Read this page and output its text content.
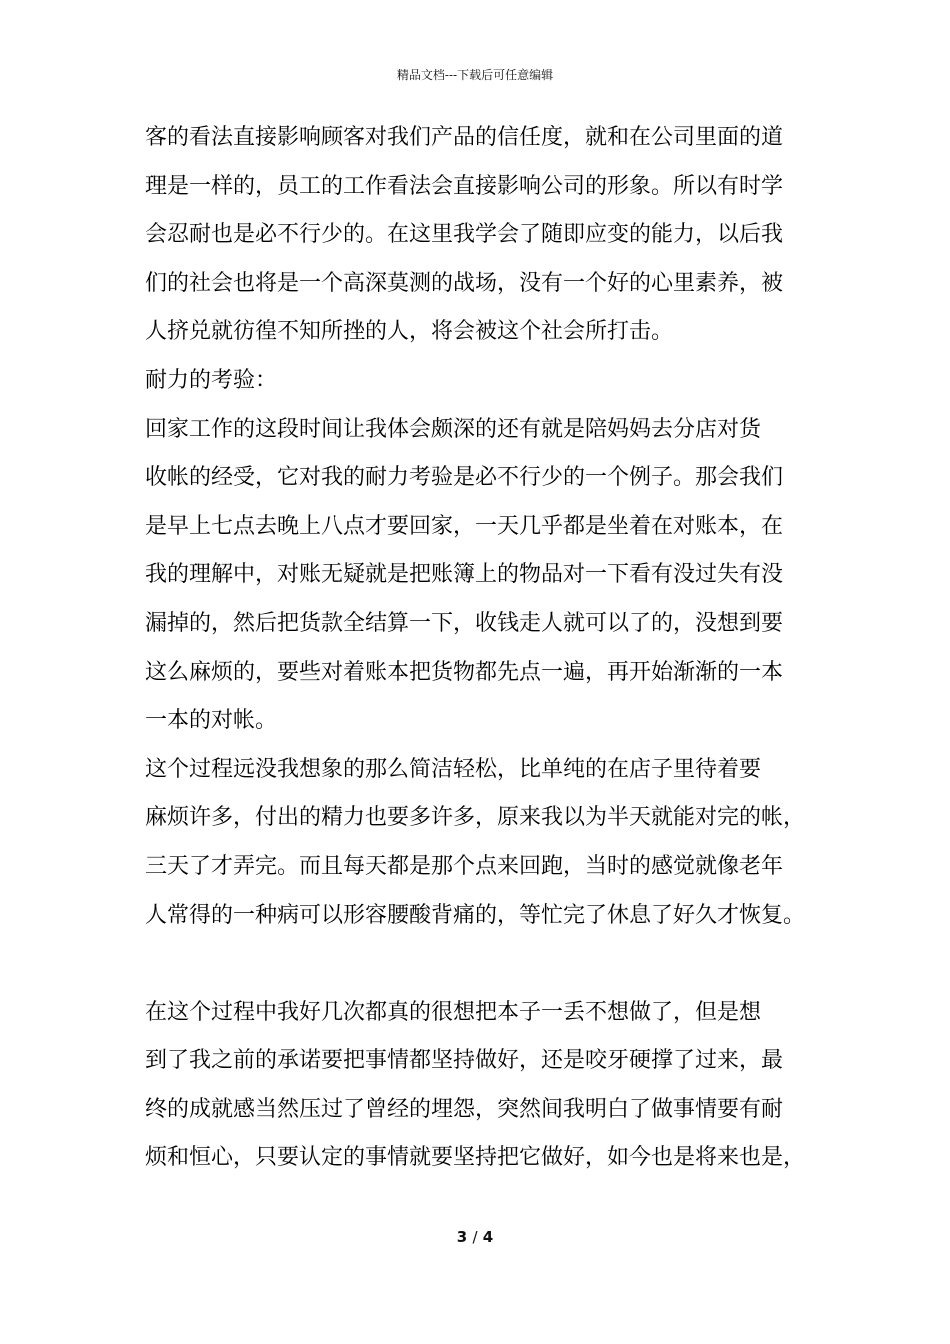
精品文档---下载后可任意编辑
客的看法直接影响顾客对我们产品的信任度，就和在公司里面的道
理是一样的，员工的工作看法会直接影响公司的形象。所以有时学
会忍耐也是必不行少的。在这里我学会了随即应变的能力，以后我
们的社会也将是一个高深莫测的战场，没有一个好的心里素养，被
人挤兑就彷徨不知所挫的人，将会被这个社会所打击。
耐力的考验：
回家工作的这段时间让我体会颇深的还有就是陪妈妈去分店对货
收帐的经受，它对我的耐力考验是必不行少的一个例子。那会我们
是早上七点去晚上八点才要回家，一天几乎都是坐着在对账本，在
我的理解中，对账无疑就是把账簿上的物品对一下看有没过失有没
漏掉的，然后把货款全结算一下，收钱走人就可以了的，没想到要
这么麻烦的，要些对着账本把货物都先点一遍，再开始渐渐的一本
一本的对帐。
这个过程远没我想象的那么简洁轻松，比单纯的在店子里待着要
麻烦许多，付出的精力也要多许多，原来我以为半天就能对完的帐，
三天了才弄完。而且每天都是那个点来回跑，当时的感觉就像老年
人常得的一种病可以形容腰酸背痛的，等忙完了休息了好久才恢复。
在这个过程中我好几次都真的很想把本子一丢不想做了，但是想
到了我之前的承诺要把事情都坚持做好，还是咬牙硬撑了过来，最
终的成就感当然压过了曾经的埋怨，突然间我明白了做事情要有耐
烦和恒心，只要认定的事情就要坚持把它做好，如今也是将来也是，
3 / 4
